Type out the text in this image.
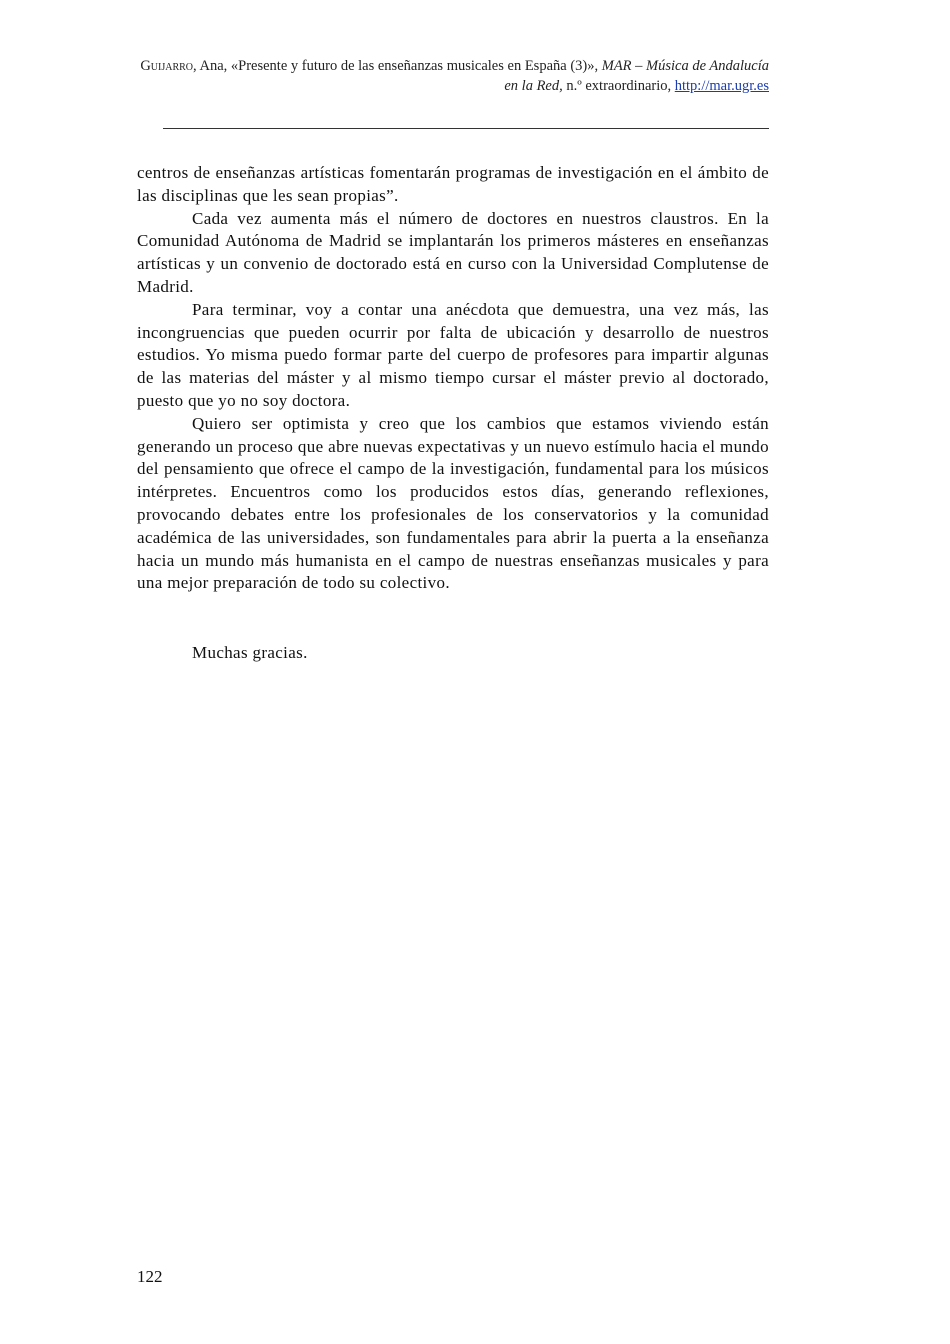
Guijarro, Ana, «Presente y futuro de las enseñanzas musicales en España (3)», MAR – Música de Andalucía en la Red, n.º extraordinario, http://mar.ugr.es

centros de enseñanzas artísticas fomentarán programas de investigación en el ámbito de las disciplinas que les sean propias”.

Cada vez aumenta más el número de doctores en nuestros claustros. En la Comunidad Autónoma de Madrid se implantarán los primeros másteres en enseñanzas artísticas y un convenio de doctorado está en curso con la Universidad Complutense de Madrid.

Para terminar, voy a contar una anécdota que demuestra, una vez más, las incongruencias que pueden ocurrir por falta de ubicación y desarrollo de nuestros estudios. Yo misma puedo formar parte del cuerpo de profesores para impartir algunas de las materias del máster y al mismo tiempo cursar el máster previo al doctorado, puesto que yo no soy doctora.

Quiero ser optimista y creo que los cambios que estamos viviendo están generando un proceso que abre nuevas expectativas y un nuevo estímulo hacia el mundo del pensamiento que ofrece el campo de la investigación, fundamental para los músicos intérpretes. Encuentros como los producidos estos días, generando reflexiones, provocando debates entre los profesionales de los conservatorios y la comunidad académica de las universidades, son fundamentales para abrir la puerta a la enseñanza hacia un mundo más humanista en el campo de nuestras enseñanzas musicales y para una mejor preparación de todo su colectivo.

Muchas gracias.
122
